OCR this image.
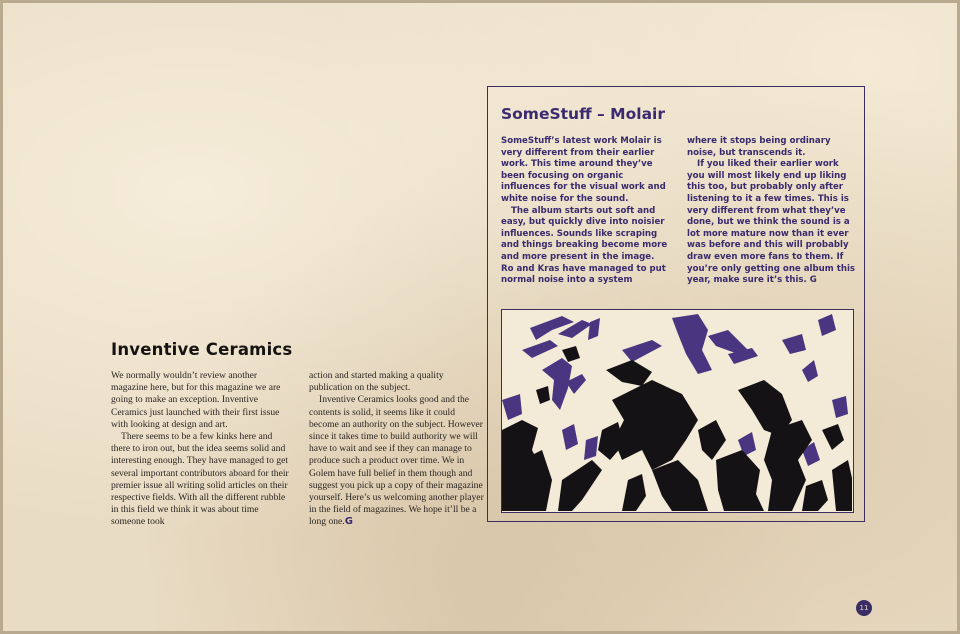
Inventive Ceramics

We normally wouldn’t review another magazine here, but for this magazine we are going to make an exception. Inventive Ceramics just launched with their first issue with looking at design and art.

There seems to be a few kinks here and there to iron out, but the idea seems solid and interesting enough. They have managed to get several important contributors aboard for their premier issue all writing solid articles on their respective fields. With all the different rubble in this field we think it was about time someone took

action and started making a quality publication on the subject.

Inventive Ceramics looks good and the contents is solid, it seems like it could become an authority on the subject. However since it takes time to build authority we will have to wait and see if they can manage to produce such a product over time. We in Golem have full belief in them though and suggest you pick up a copy of their magazine yourself. Here’s us welcoming another player in the field of magazines. We hope it’ll be a long one.G

SomeStuff – Molair

SomeStuff’s latest work Molair is very different from their earlier work. This time around they’ve been focusing on organic influences for the visual work and white noise for the sound.

The album starts out soft and easy, but quickly dive into noisier influences. Sounds like scraping and things breaking become more and more present in the image. Ro and Kras have managed to put normal noise into a system

where it stops being ordinary noise, but transcends it.

If you liked their earlier work you will most likely end up liking this too, but probably only after listening to it a few times. This is very different from what they’ve done, but we think the sound is a lot more mature now than it ever was before and this will probably draw even more fans to them. If you’re only getting one album this year, make sure it’s this. G

11
